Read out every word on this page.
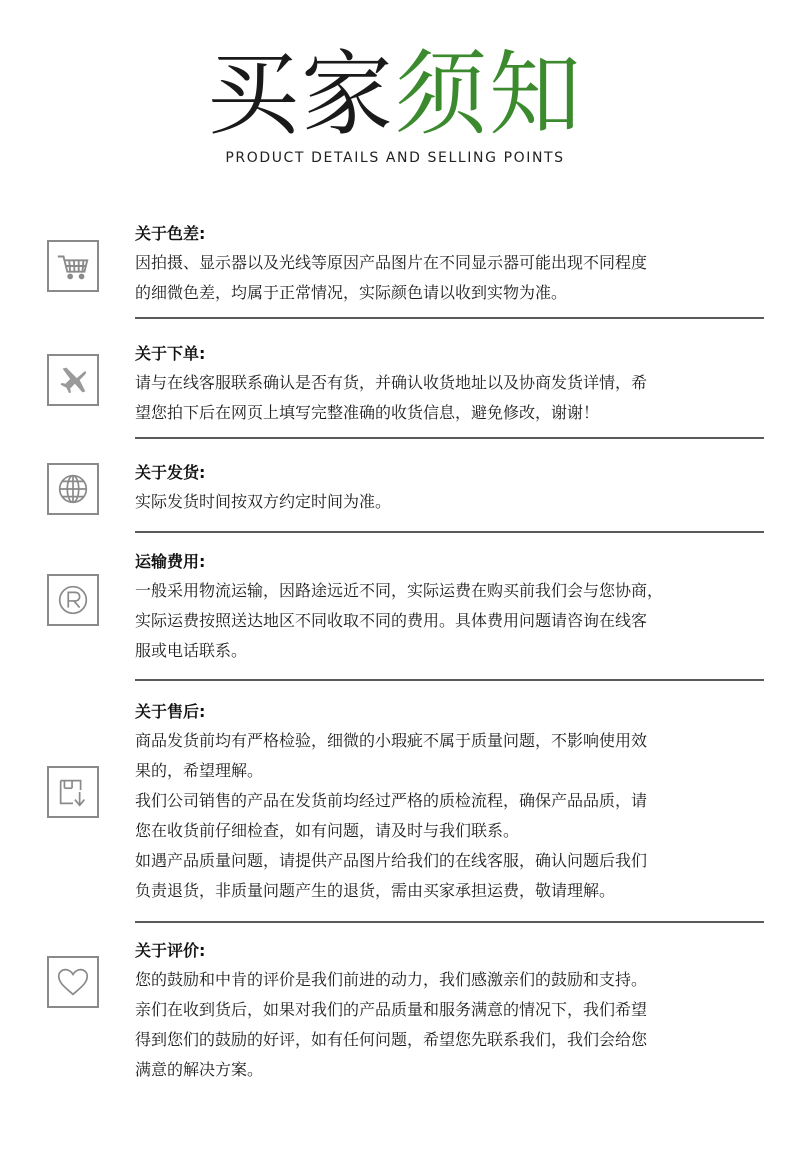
买家须知
PRODUCT DETAILS AND SELLING POINTS
关于色差:

因拍摄、显示器以及光线等原因产品图片在不同显示器可能出现不同程度
的细微色差，均属于正常情况，实际颜色请以收到实物为准。

关于下单:

请与在线客服联系确认是否有货，并确认收货地址以及协商发货详情，希
望您拍下后在网页上填写完整准确的收货信息，避免修改，谢谢！

关于发货:

实际发货时间按双方约定时间为准。

运输费用:

一般采用物流运输，因路途远近不同，实际运费在购买前我们会与您协商，
实际运费按照送达地区不同收取不同的费用。具体费用问题请咨询在线客
服或电话联系。

关于售后:

商品发货前均有严格检验，细微的小瑕疵不属于质量问题，不影响使用效
果的，希望理解。

我们公司销售的产品在发货前均经过严格的质检流程，确保产品品质，请
您在收货前仔细检查，如有问题，请及时与我们联系。

如遇产品质量问题，请提供产品图片给我们的在线客服，确认问题后我们
负责退货，非质量问题产生的退货，需由买家承担运费，敬请理解。

关于评价:

您的鼓励和中肯的评价是我们前进的动力，我们感激亲们的鼓励和支持。
亲们在收到货后，如果对我们的产品质量和服务满意的情况下，我们希望
得到您们的鼓励的好评，如有任何问题，希望您先联系我们，我们会给您
满意的解决方案。
